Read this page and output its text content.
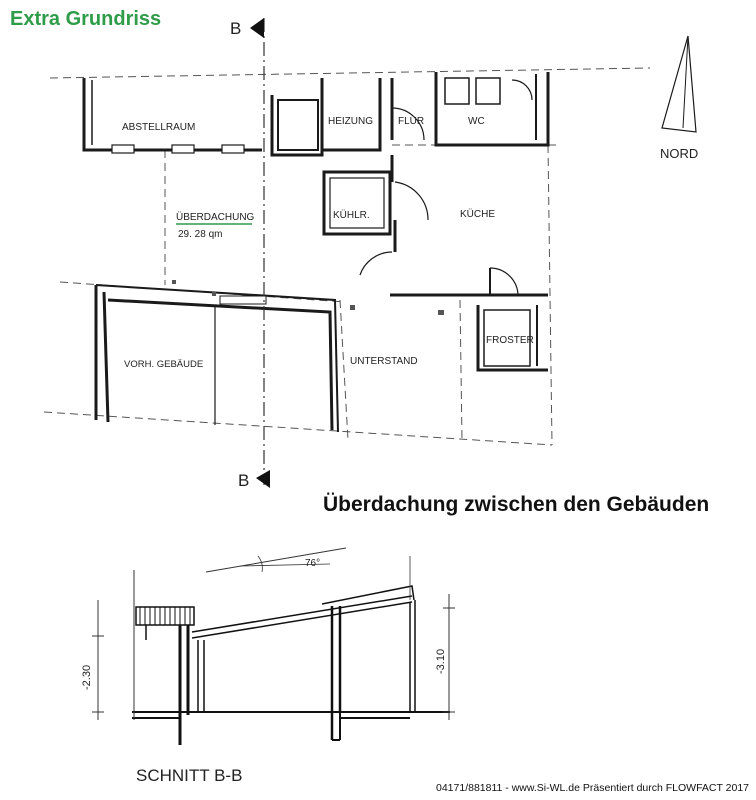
B
B
NORD
ABSTELLRAUM
HEIZUNG	FLUR	WC
KÜHLR.	KÜCHE
ÜBERDACHUNG
29. 28 qm
VORH. GEBÄUDE	UNTERSTAND
FROSTER
76°
-2.30
-3.10
SCHNITT B-B
Extra Grundriss
Überdachung zwischen den Gebäuden
04171/881811 - www.Si-WL.de Präsentiert durch FLOWFACT 2017
